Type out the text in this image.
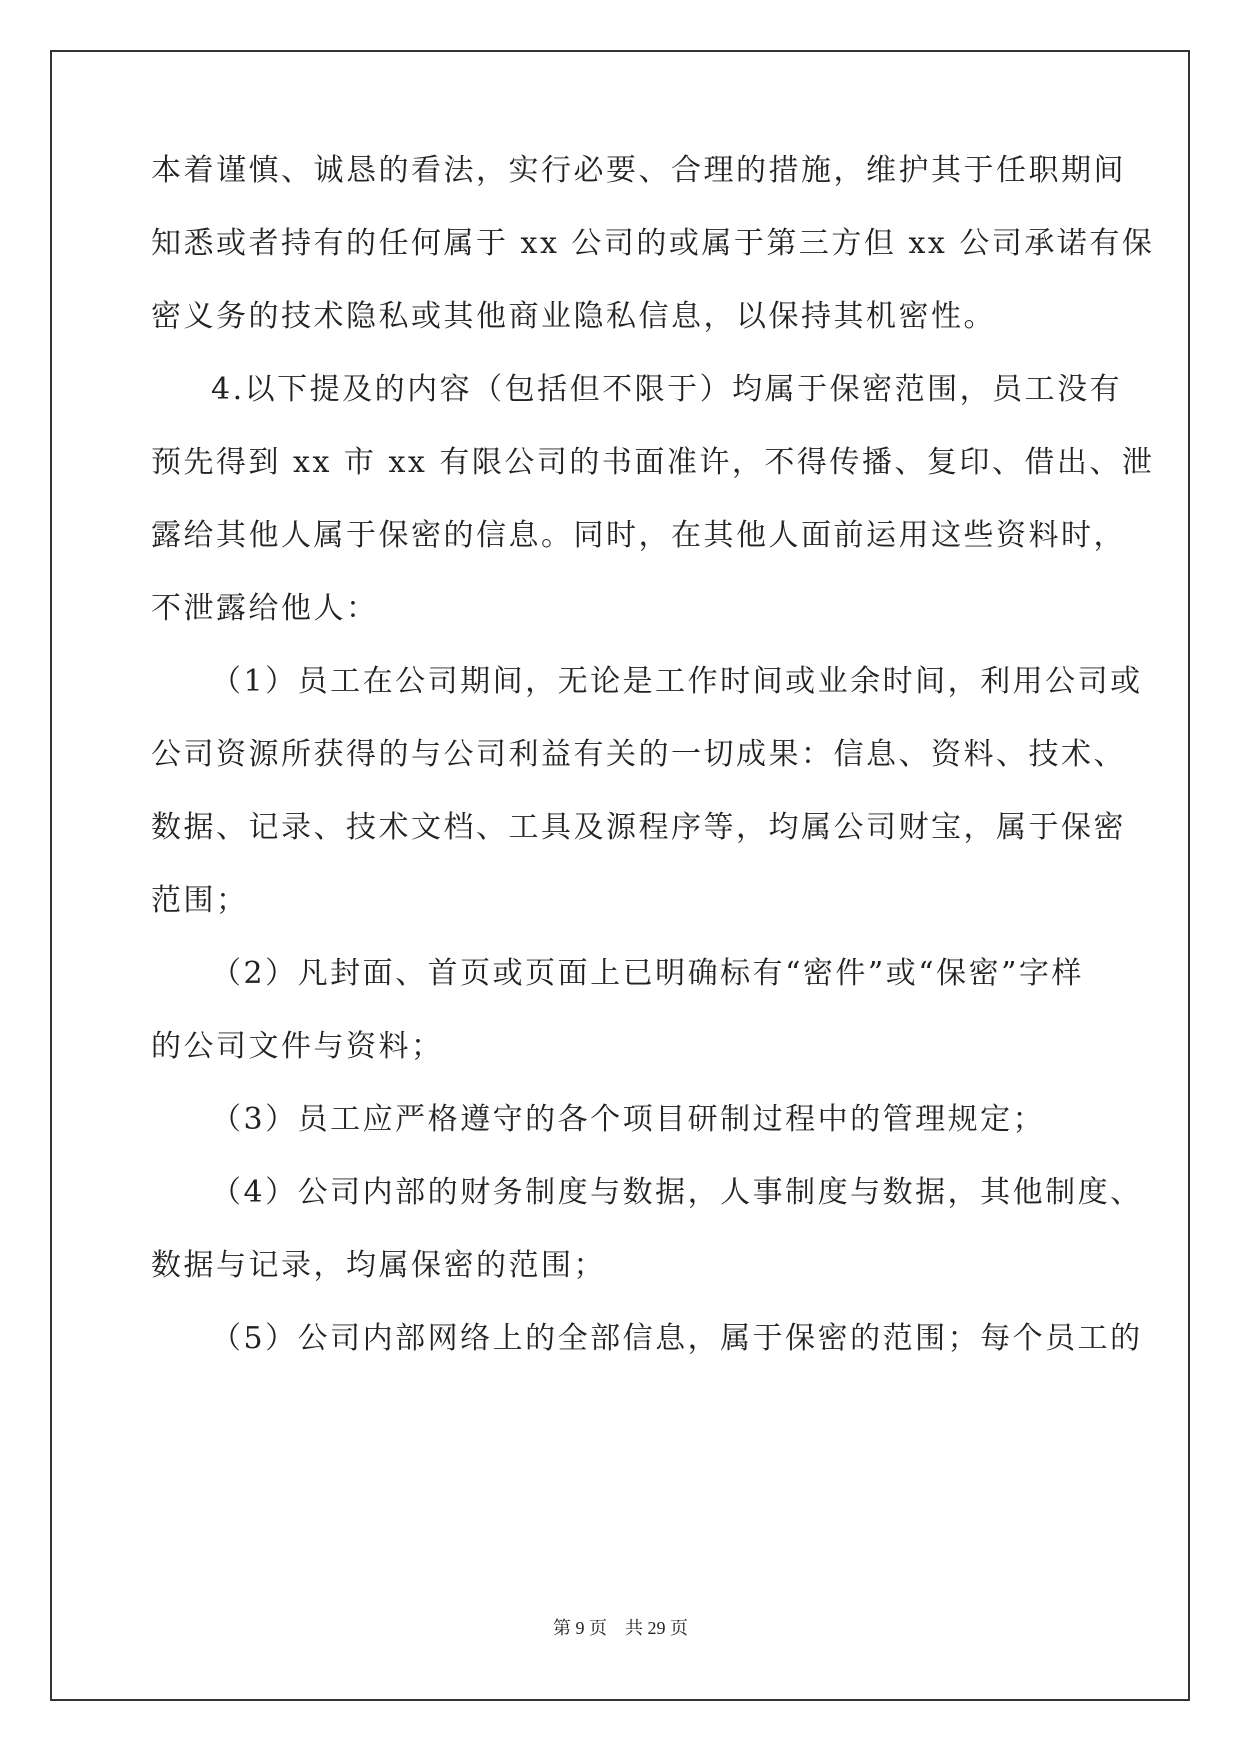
本着谨慎、诚恳的看法，实行必要、合理的措施，维护其于任职期间
知悉或者持有的任何属于 xx 公司的或属于第三方但 xx 公司承诺有保
密义务的技术隐私或其他商业隐私信息，以保持其机密性。
4.以下提及的内容（包括但不限于）均属于保密范围，员工没有
预先得到 xx 市 xx 有限公司的书面准许，不得传播、复印、借出、泄
露给其他人属于保密的信息。同时，在其他人面前运用这些资料时，
不泄露给他人：
（1）员工在公司期间，无论是工作时间或业余时间，利用公司或
公司资源所获得的与公司利益有关的一切成果：信息、资料、技术、
数据、记录、技术文档、工具及源程序等，均属公司财宝，属于保密
范围；
（2）凡封面、首页或页面上已明确标有“密件”或“保密”字样
的公司文件与资料；
（3）员工应严格遵守的各个项目研制过程中的管理规定；
（4）公司内部的财务制度与数据，人事制度与数据，其他制度、
数据与记录，均属保密的范围；
（5）公司内部网络上的全部信息，属于保密的范围；每个员工的
第 9 页　共 29 页
